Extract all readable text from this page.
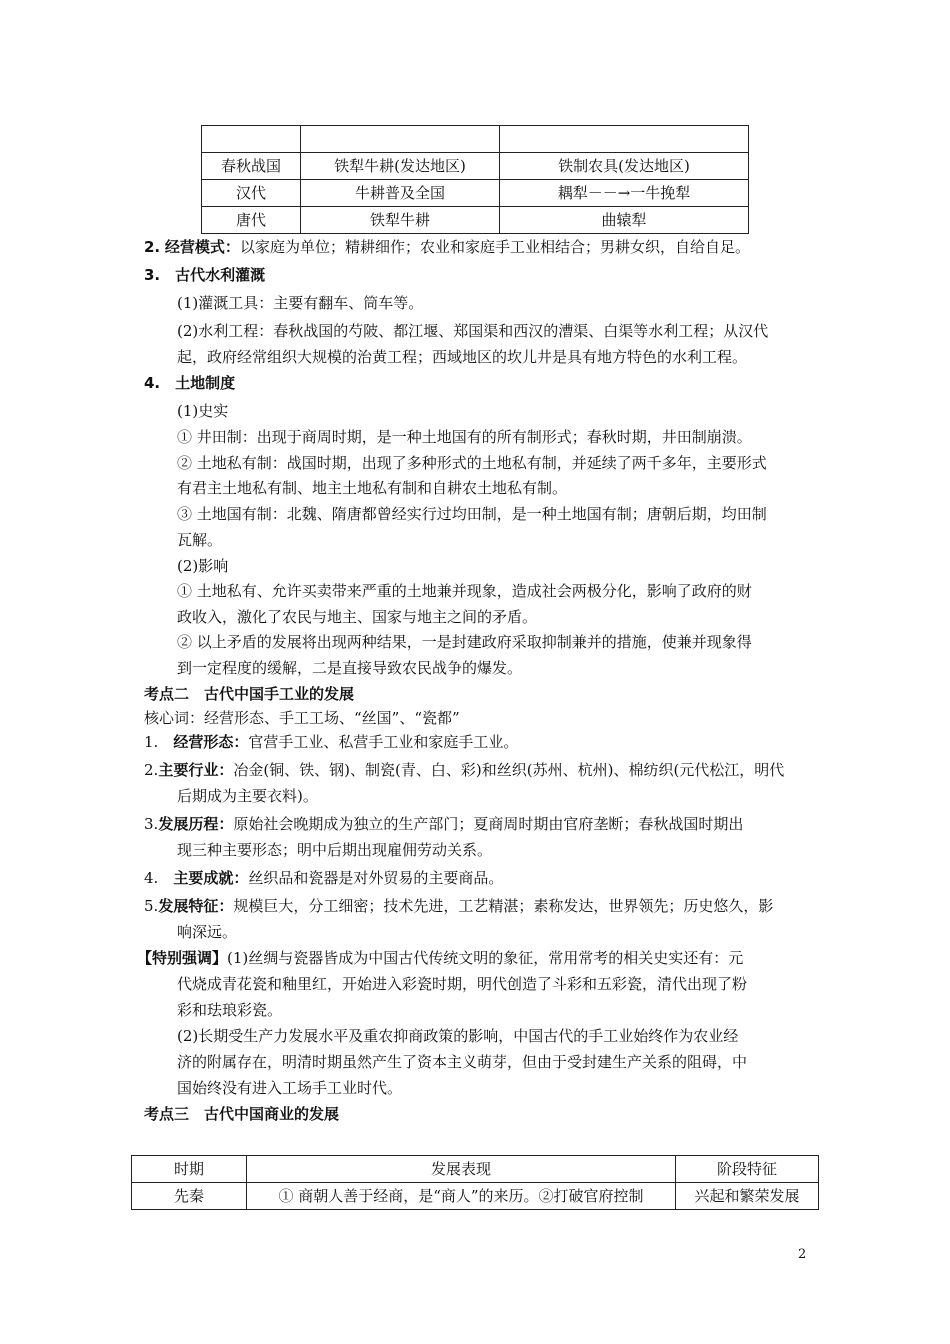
春秋战国	铁犁牛耕(发达地区)	铁制农具(发达地区)
汉代	牛耕普及全国	耦犁－－→一牛挽犁
唐代	铁犁牛耕	曲辕犁
2. 经营模式：以家庭为单位；精耕细作；农业和家庭手工业相结合；男耕女织，自给自足。
3.　 古代水利灌溉
(1)灌溉工具：主要有翻车、筒车等。
(2)水利工程：春秋战国的芍陂、都江堰、郑国渠和西汉的漕渠、白渠等水利工程；从汉代
起，政府经常组织大规模的治黄工程；西域地区的坎儿井是具有地方特色的水利工程。
4.　 土地制度
(1)史实
① 井田制：出现于商周时期，是一种土地国有的所有制形式；春秋时期，井田制崩溃。
② 土地私有制：战国时期，出现了多种形式的土地私有制，并延续了两千多年，主要形式
有君主土地私有制、地主土地私有制和自耕农土地私有制。
③ 土地国有制：北魏、隋唐都曾经实行过均田制，是一种土地国有制；唐朝后期，均田制
瓦解。
(2)影响
① 土地私有、允许买卖带来严重的土地兼并现象，造成社会两极分化，影响了政府的财
政收入，激化了农民与地主、国家与地主之间的矛盾。
② 以上矛盾的发展将出现两种结果，一是封建政府采取抑制兼并的措施，使兼并现象得
到一定程度的缓解，二是直接导致农民战争的爆发。
考点二　古代中国手工业的发展
核心词：经营形态、手工工场、“丝国”、“瓷都”
1.　 经营形态：官营手工业、私营手工业和家庭手工业。
2.主要行业：冶金(铜、铁、钢)、制瓷(青、白、彩)和丝织(苏州、杭州)、棉纺织(元代松江，明代
后期成为主要衣料)。
3.发展历程：原始社会晚期成为独立的生产部门；夏商周时期由官府垄断；春秋战国时期出
现三种主要形态；明中后期出现雇佣劳动关系。
4.　 主要成就：丝织品和瓷器是对外贸易的主要商品。
5.发展特征：规模巨大，分工细密；技术先进，工艺精湛；素称发达，世界领先；历史悠久，影
响深远。
【特别强调】(1)丝绸与瓷器皆成为中国古代传统文明的象征，常用常考的相关史实还有：元
代烧成青花瓷和釉里红，开始进入彩瓷时期，明代创造了斗彩和五彩瓷，清代出现了粉
彩和珐琅彩瓷。
(2)长期受生产力发展水平及重农抑商政策的影响，中国古代的手工业始终作为农业经
济的附属存在，明清时期虽然产生了资本主义萌芽，但由于受封建生产关系的阻碍，中
国始终没有进入工场手工业时代。
考点三　古代中国商业的发展
时期	发展表现	阶段特征
先秦	① 商朝人善于经商，是“商人”的来历。②打破官府控制	兴起和繁荣发展
2
